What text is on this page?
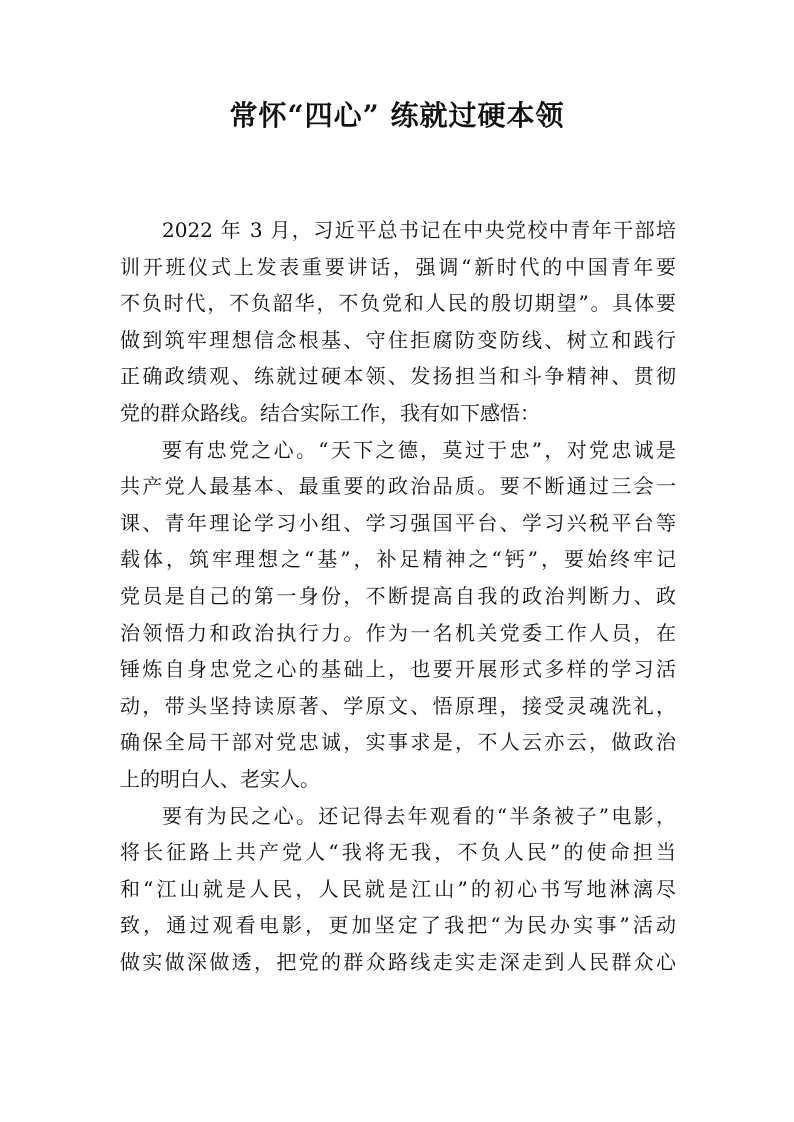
常怀“四心” 练就过硬本领
2022 年 3 月，习近平总书记在中央党校中青年干部培
训开班仪式上发表重要讲话，强调“新时代的中国青年要
不负时代，不负韶华，不负党和人民的殷切期望”。具体要
做到筑牢理想信念根基、守住拒腐防变防线、树立和践行
正确政绩观、练就过硬本领、发扬担当和斗争精神、贯彻
党的群众路线。结合实际工作，我有如下感悟：
要有忠党之心。“天下之德，莫过于忠”，对党忠诚是
共产党人最基本、最重要的政治品质。要不断通过三会一
课、青年理论学习小组、学习强国平台、学习兴税平台等
载体，筑牢理想之“基”，补足精神之“钙”，要始终牢记
党员是自己的第一身份，不断提高自我的政治判断力、政
治领悟力和政治执行力。作为一名机关党委工作人员，在
锤炼自身忠党之心的基础上，也要开展形式多样的学习活
动，带头坚持读原著、学原文、悟原理，接受灵魂洗礼，
确保全局干部对党忠诚，实事求是，不人云亦云，做政治
上的明白人、老实人。
要有为民之心。还记得去年观看的“半条被子”电影，
将长征路上共产党人“我将无我，不负人民”的使命担当
和“江山就是人民，人民就是江山”的初心书写地淋漓尽
致，通过观看电影，更加坚定了我把“为民办实事”活动
做实做深做透，把党的群众路线走实走深走到人民群众心
